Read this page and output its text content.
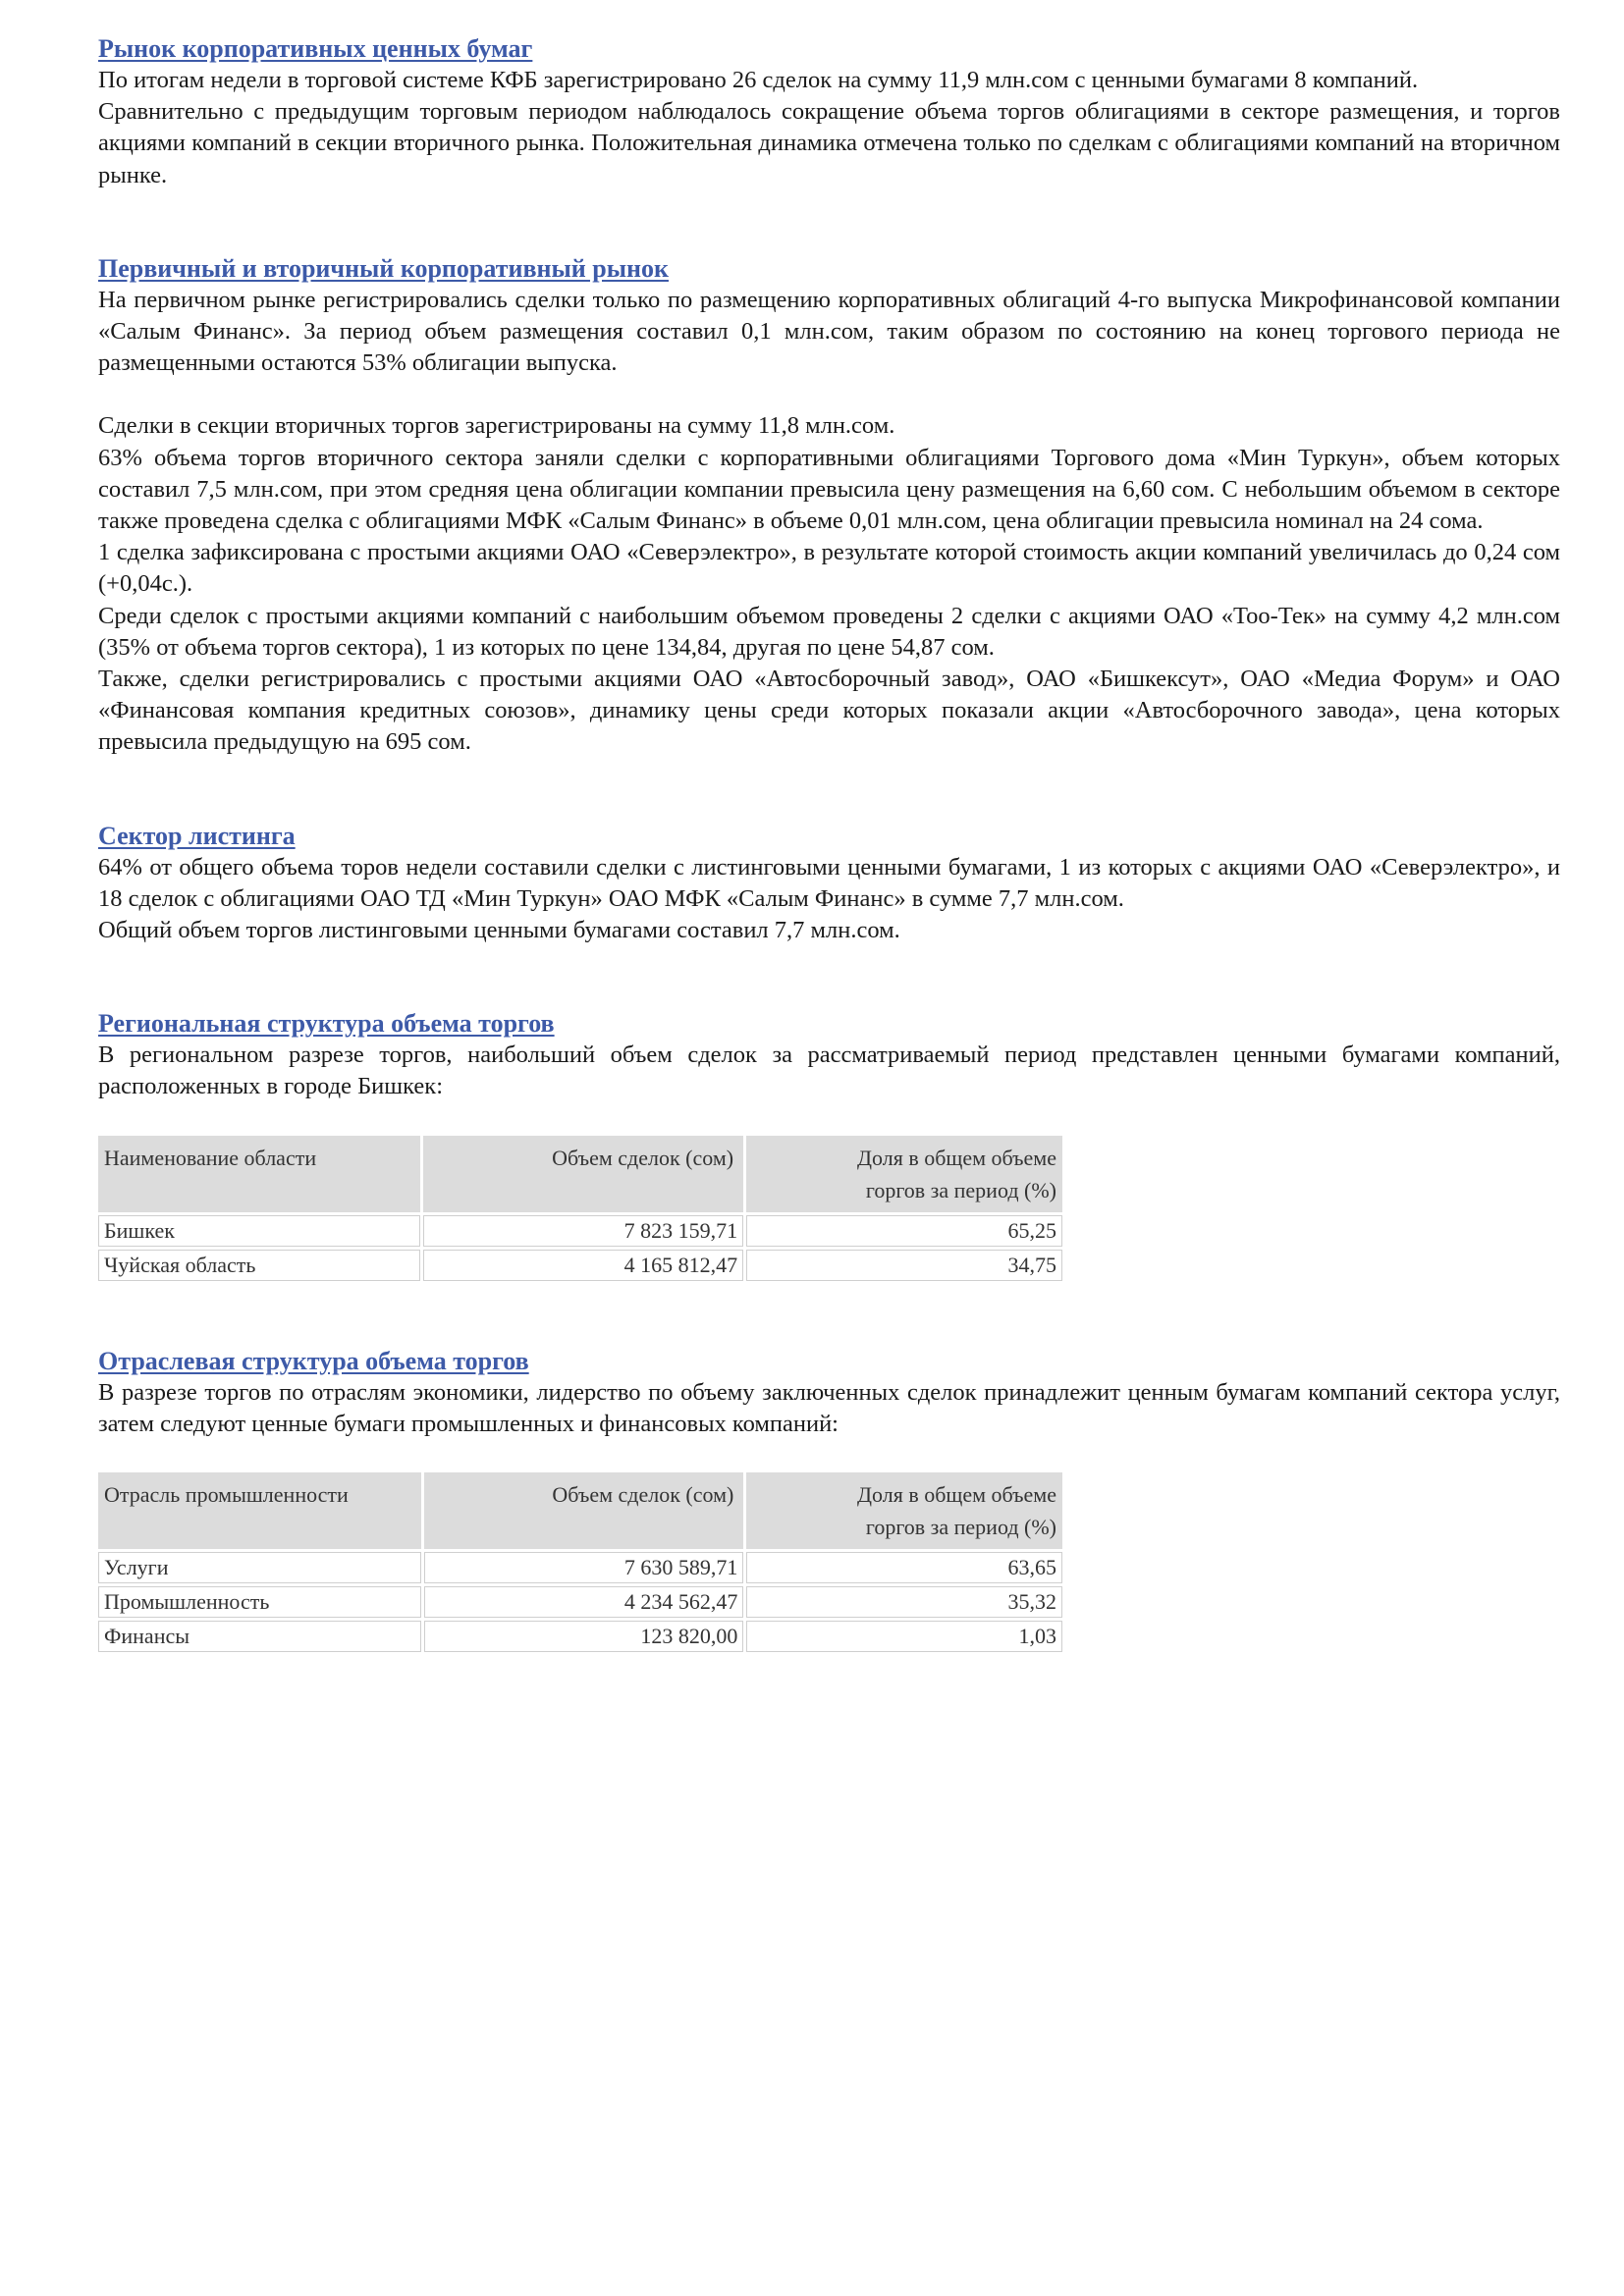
Рынок корпоративных ценных бумаг

По итогам недели в торговой системе КФБ зарегистрировано 26 сделок на сумму 11,9 млн.сом с ценными бумагами 8 компаний.

Сравнительно с предыдущим торговым периодом наблюдалось сокращение объема торгов облигациями в секторе размещения, и торгов акциями компаний в секции вторичного рынка. Положительная динамика отмечена только по сделкам с облигациями компаний на вторичном рынке.

Первичный и вторичный корпоративный рынок

На первичном рынке регистрировались сделки только по размещению корпоративных облигаций 4-го выпуска Микрофинансовой компании «Салым Финанс». За период объем размещения составил 0,1 млн.сом, таким образом по состоянию на конец торгового периода не размещенными остаются 53% облигации выпуска.

Сделки в секции вторичных торгов зарегистрированы на сумму 11,8 млн.сом.

63% объема торгов вторичного сектора заняли сделки с корпоративными облигациями Торгового дома «Мин Туркун», объем которых составил 7,5 млн.сом, при этом средняя цена облигации компании превысила цену размещения на 6,60 сом. С небольшим объемом в секторе также проведена сделка с облигациями МФК «Салым Финанс» в объеме 0,01 млн.сом, цена облигации превысила номинал на 24 сома.

1 сделка зафиксирована с простыми акциями ОАО «Северэлектро», в результате которой стоимость акции компаний увеличилась до 0,24 сом (+0,04с.).

Среди сделок с простыми акциями компаний с наибольшим объемом проведены 2 сделки с акциями ОАО «Тоо-Тек» на сумму 4,2 млн.сом (35% от объема торгов сектора), 1 из которых по цене 134,84, другая по цене 54,87 сом.

Также, сделки регистрировались с простыми акциями ОАО «Автосборочный завод», ОАО «Бишкексут», ОАО «Медиа Форум» и ОАО «Финансовая компания кредитных союзов», динамику цены среди которых показали акции «Автосборочного завода», цена которых превысила предыдущую на 695 сом.

Сектор листинга

64% от общего объема торов недели составили сделки с листинговыми ценными бумагами, 1 из которых с акциями ОАО «Северэлектро», и 18 сделок с облигациями ОАО ТД «Мин Туркун» ОАО МФК «Салым Финанс» в сумме 7,7 млн.сом.

Общий объем торгов листинговыми ценными бумагами составил 7,7 млн.сом.

Региональная структура объема торгов

В региональном разрезе торгов, наибольший объем сделок за рассматриваемый период представлен ценными бумагами компаний, расположенных в городе Бишкек:

Наименование области	Объем сделок (сом)	Доля в общем объеме
горгов за период (%)
Бишкек	7 823 159,71	65,25
Чуйская область	4 165 812,47	34,75
Отраслевая структура объема торгов

В разрезе торгов по отраслям экономики, лидерство по объему заключенных сделок принадлежит ценным бумагам компаний сектора услуг, затем следуют ценные бумаги промышленных и финансовых компаний:

Отрасль промышленности	Объем сделок (сом)	Доля в общем объеме
горгов за период (%)
Услуги	7 630 589,71	63,65
Промышленность	4 234 562,47	35,32
Финансы	123 820,00	1,03
